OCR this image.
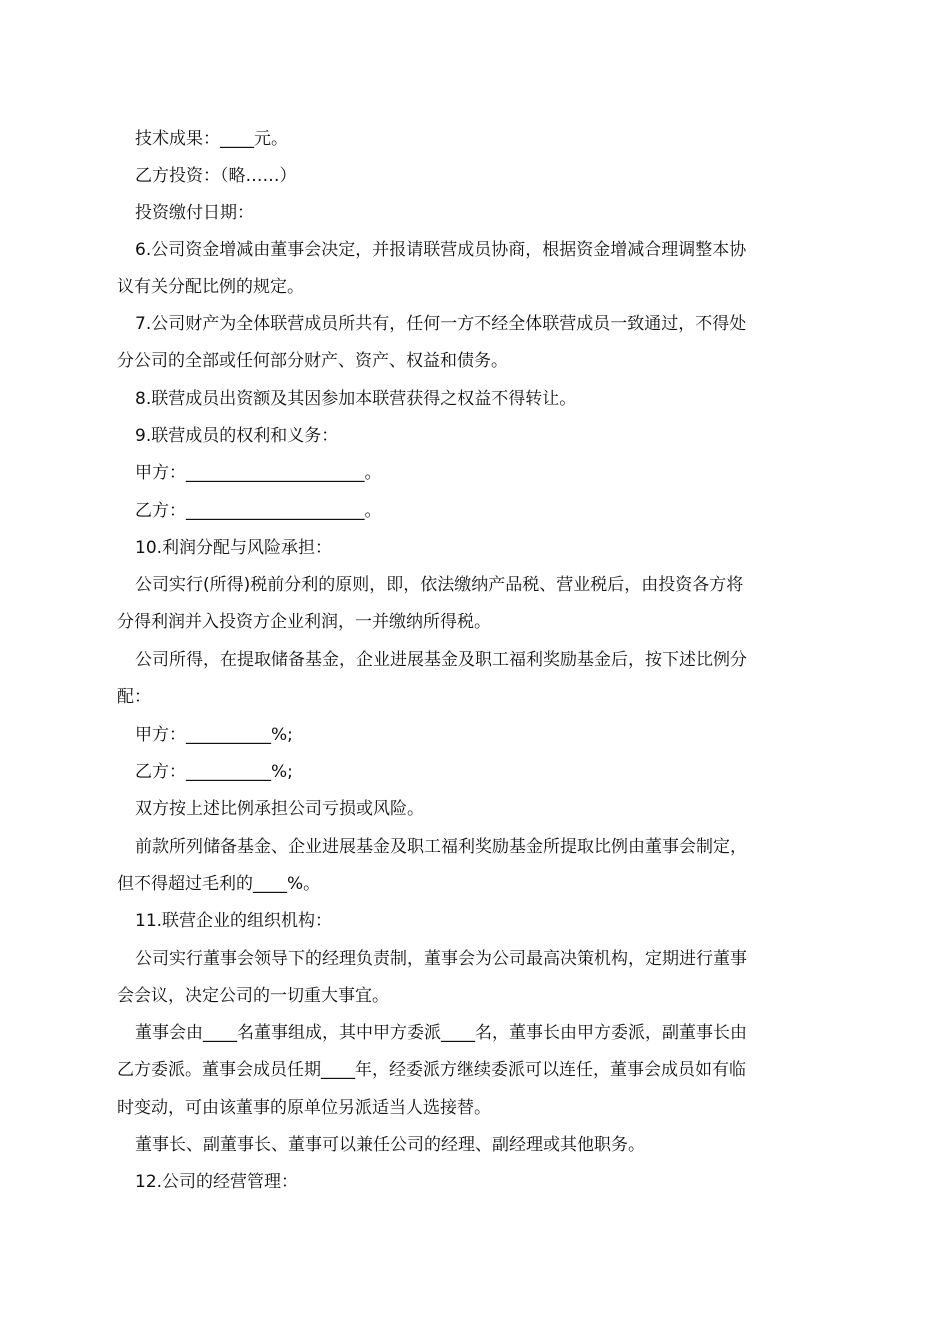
技术成果：____元。
乙方投资：（略……）
投资缴付日期：
6.公司资金增减由董事会决定，并报请联营成员协商，根据资金增减合理调整本协
议有关分配比例的规定。
7.公司财产为全体联营成员所共有，任何一方不经全体联营成员一致通过，不得处
分公司的全部或任何部分财产、资产、权益和债务。
8.联营成员出资额及其因参加本联营获得之权益不得转让。
9.联营成员的权利和义务：
甲方：_____________________。
乙方：_____________________。
10.利润分配与风险承担：
公司实行(所得)税前分利的原则，即，依法缴纳产品税、营业税后，由投资各方将
分得利润并入投资方企业利润，一并缴纳所得税。
公司所得，在提取储备基金，企业进展基金及职工福利奖励基金后，按下述比例分
配：
甲方：__________%;
乙方：__________%;
双方按上述比例承担公司亏损或风险。
前款所列储备基金、企业进展基金及职工福利奖励基金所提取比例由董事会制定，
但不得超过毛利的____%。
11.联营企业的组织机构：
公司实行董事会领导下的经理负责制，董事会为公司最高决策机构，定期进行董事
会会议，决定公司的一切重大事宜。
董事会由____名董事组成，其中甲方委派____名，董事长由甲方委派，副董事长由
乙方委派。董事会成员任期____年，经委派方继续委派可以连任，董事会成员如有临
时变动，可由该董事的原单位另派适当人选接替。
董事长、副董事长、董事可以兼任公司的经理、副经理或其他职务。
12.公司的经营管理：
